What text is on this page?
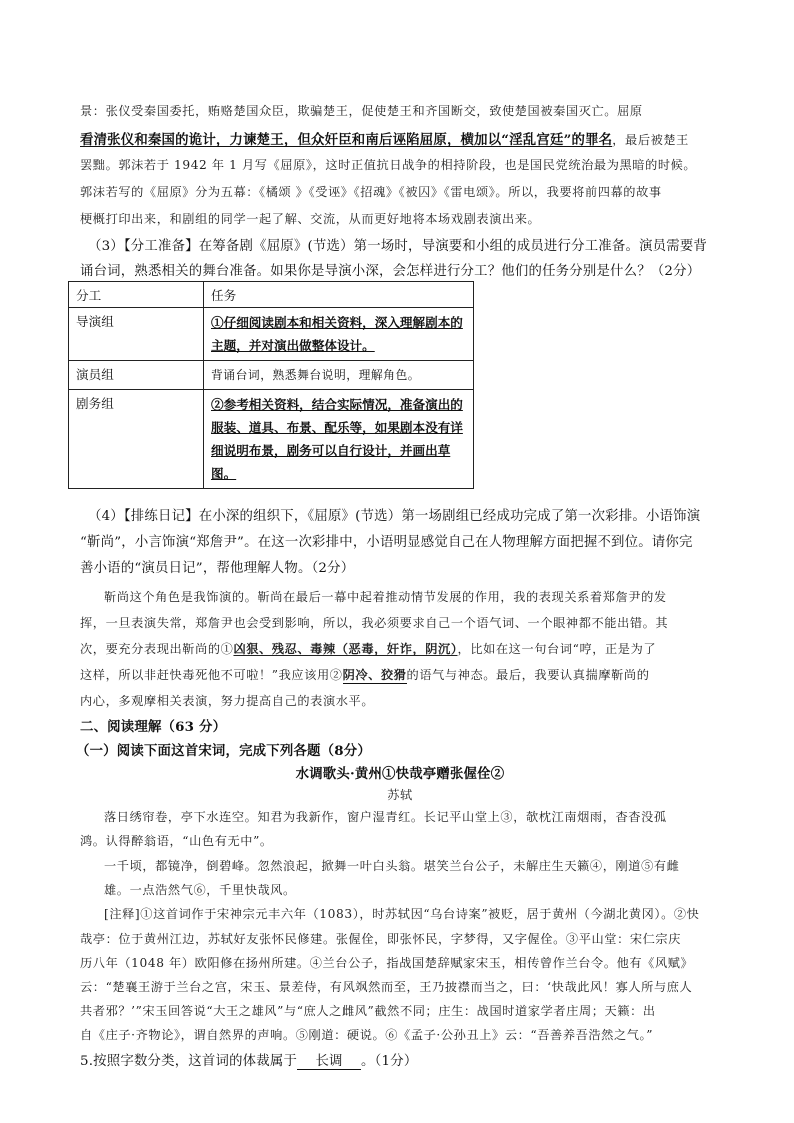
景：张仪受秦国委托，贿赂楚国众臣，欺骗楚王，促使楚王和齐国断交，致使楚国被秦国灭亡。屈原
看清张仪和秦国的诡计，力谏楚王，但众奸臣和南后诬陷屈原，横加以“淫乱宫廷”的罪名，最后被楚王
罢黜。郭沫若于 1942 年 1 月写《屈原》，这时正值抗日战争的相持阶段，也是国民党统治最为黑暗的时候。
郭沫若写的《屈原》分为五幕：《橘颂 》《受诬》《招魂》《被囚》《雷电颂》。所以，我要将前四幕的故事
梗概打印出来，和剧组的同学一起了解、交流，从而更好地将本场戏剧表演出来。
（3）【分工准备】在筹备剧《屈原》(节选）第一场时，导演要和小组的成员进行分工准备。演员需要背
诵台词，熟悉相关的舞台准备。如果你是导演小深，会怎样进行分工？他们的任务分别是什么？（2分）
分工	任务
导演组	①仔细阅读剧本和相关资料，深入理解剧本的主题，并对演出做整体设计。
演员组	背诵台词，熟悉舞台说明，理解角色。
剧务组	②参考相关资料，结合实际情况，准备演出的服装、道具、布景、配乐等，如果剧本没有详细说明布景，剧务可以自行设计，并画出草图。
（4）【排练日记】在小深的组织下，《屈原》(节选）第一场剧组已经成功完成了第一次彩排。小语饰演
“靳尚”，小言饰演“郑詹尹”。在这一次彩排中，小语明显感觉自己在人物理解方面把握不到位。请你完
善小语的“演员日记”，帮他理解人物。（2分）
靳尚这个角色是我饰演的。靳尚在最后一幕中起着推动情节发展的作用，我的表现关系着郑詹尹的发
挥，一旦表演失常，郑詹尹也会受到影响，所以，我必须要求自己一个语气词、一个眼神都不能出错。其
次，要充分表现出靳尚的①凶狠、残忍、毒辣（恶毒，奸诈，阴沉），比如在这一句台词“哼，正是为了
这样，所以非赶快毒死他不可啦！”我应该用②阴冷、狡猾的语气与神态。最后，我要认真揣摩靳尚的
内心，多观摩相关表演，努力提高自己的表演水平。
二、阅读理解（63 分）
（一）阅读下面这首宋词，完成下列各题（8分）
水调歌头·黄州①快哉亭赠张偓佺②
苏轼
落日绣帘卷，亭下水连空。知君为我新作，窗户湿青红。长记平山堂上③，欹枕江南烟雨，杳杳没孤
鸿。认得醉翁语，“山色有无中”。
一千顷，都镜净，倒碧峰。忽然浪起，掀舞一叶白头翁。堪笑兰台公子，未解庄生天籁④，刚道⑤有雌
雄。一点浩然气⑥，千里快哉风。
[注释]①这首词作于宋神宗元丰六年（1083），时苏轼因“乌台诗案”被贬，居于黄州（今湖北黄冈）。②快
哉亭：位于黄州江边，苏轼好友张怀民修建。张偓佺，即张怀民，字梦得，又字偓佺。③平山堂：宋仁宗庆
历八年（1048 年）欧阳修在扬州所建。④兰台公子，指战国楚辞赋家宋玉，相传曾作兰台令。他有《风赋》
云：“楚襄王游于兰台之宫，宋玉、景差侍，有风飒然而至，王乃披襟而当之，曰：‘快哉此风！寡人所与庶人
共者邪？’”宋玉回答说“大王之雄风”与“庶人之雌风”截然不同；庄生：战国时道家学者庄周；天籁：出
自《庄子·齐物论》，谓自然界的声响。⑤刚道：硬说。⑥《孟子·公孙丑上》云：“吾善养吾浩然之气。”
5.按照字数分类，这首词的体裁属于 长调 。（1分）
